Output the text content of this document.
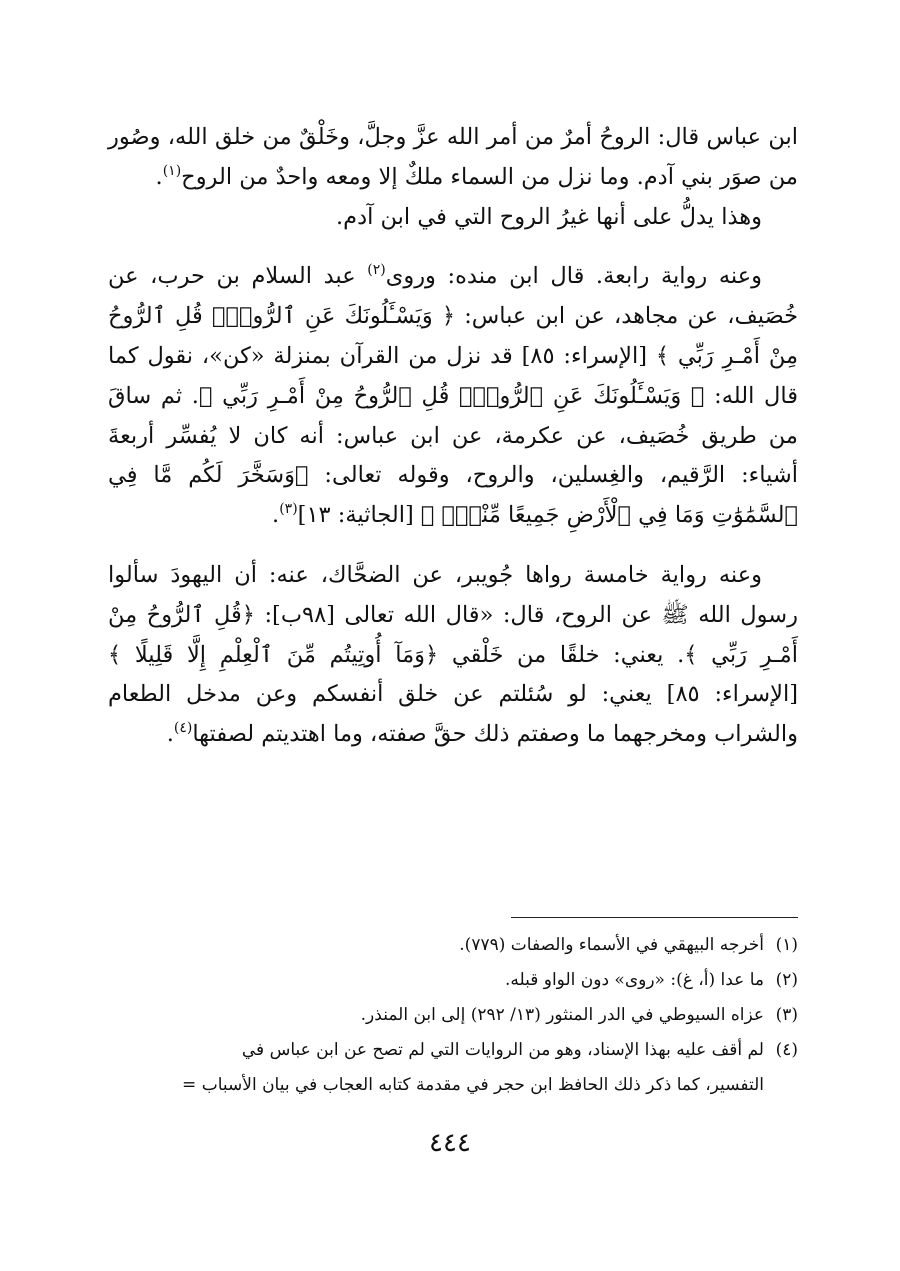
ابن عباس قال: الروحُ أمرٌ من أمر الله عزَّ وجلَّ، وخَلْقٌ من خلق الله، وصُور من صوَر بني آدم. وما نزل من السماء ملكٌ إلا ومعه واحدٌ من الروح$^{(١)}$.

وهذا يدلُّ على أنها غيرُ الروح التي في ابن آدم.

وعنه رواية رابعة. قال ابن منده: وروى$^{(٢)}$ عبد السلام بن حرب، عن خُصَيف، عن مجاهد، عن ابن عباس: ﴿ وَيَسْـَٔلُونَكَ عَنِ ٱلرُّوحِۖ قُلِ ٱلرُّوحُ مِنْ أَمْـرِ رَبِّي ﴾ [الإسراء: ٨٥] قد نزل من القرآن بمنزلة «كن»، نقول كما قال الله: ﴿ وَيَسْـَٔلُونَكَ عَنِ ٱلرُّوحِۖ قُلِ ٱلرُّوحُ مِنْ أَمْـرِ رَبِّي ﴾. ثم ساقَ من طريق خُصَيف، عن عكرمة، عن ابن عباس: أنه كان لا يُفسِّر أربعةَ أشياء: الرَّقيم، والغِسلين، والروح، وقوله تعالى: ﴿وَسَخَّرَ لَكُم مَّا فِي ٱلسَّمَٰوَٰتِ وَمَا فِي ٱلْأَرْضِ جَمِيعًا مِّنْهُۚ ﴾ [الجاثية: ١٣]$^{(٣)}$.

وعنه رواية خامسة رواها جُويبر، عن الضحَّاك، عنه: أن اليهودَ سألوا رسول الله ﷺ عن الروح، قال: «قال الله تعالى [٩٨ب]: ﴿قُلِ ٱلرُّوحُ مِنْ أَمْـرِ رَبِّي ﴾. يعني: خلقًا من خَلْقي ﴿وَمَآ أُوتِيتُم مِّنَ ٱلْعِلْمِ إِلَّا قَلِيلًا ﴾ [الإسراء: ٨٥] يعني: لو سُئلتم عن خلق أنفسكم وعن مدخل الطعام والشراب ومخرجهما ما وصفتم ذلك حقَّ صفته، وما اهتديتم لصفتها$^{(٤)}$.

(١)أخرجه البيهقي في الأسماء والصفات (٧٧٩).

(٢)ما عدا (أ، غ): «روى» دون الواو قبله.

(٣)عزاه السيوطي في الدر المنثور (١٣/ ٢٩٢) إلى ابن المنذر.

(٤)لم أقف عليه بهذا الإسناد، وهو من الروايات التي لم تصح عن ابن عباس في

التفسير، كما ذكر ذلك الحافظ ابن حجر في مقدمة كتابه العجاب في بيان الأسباب =

٤٤٤
